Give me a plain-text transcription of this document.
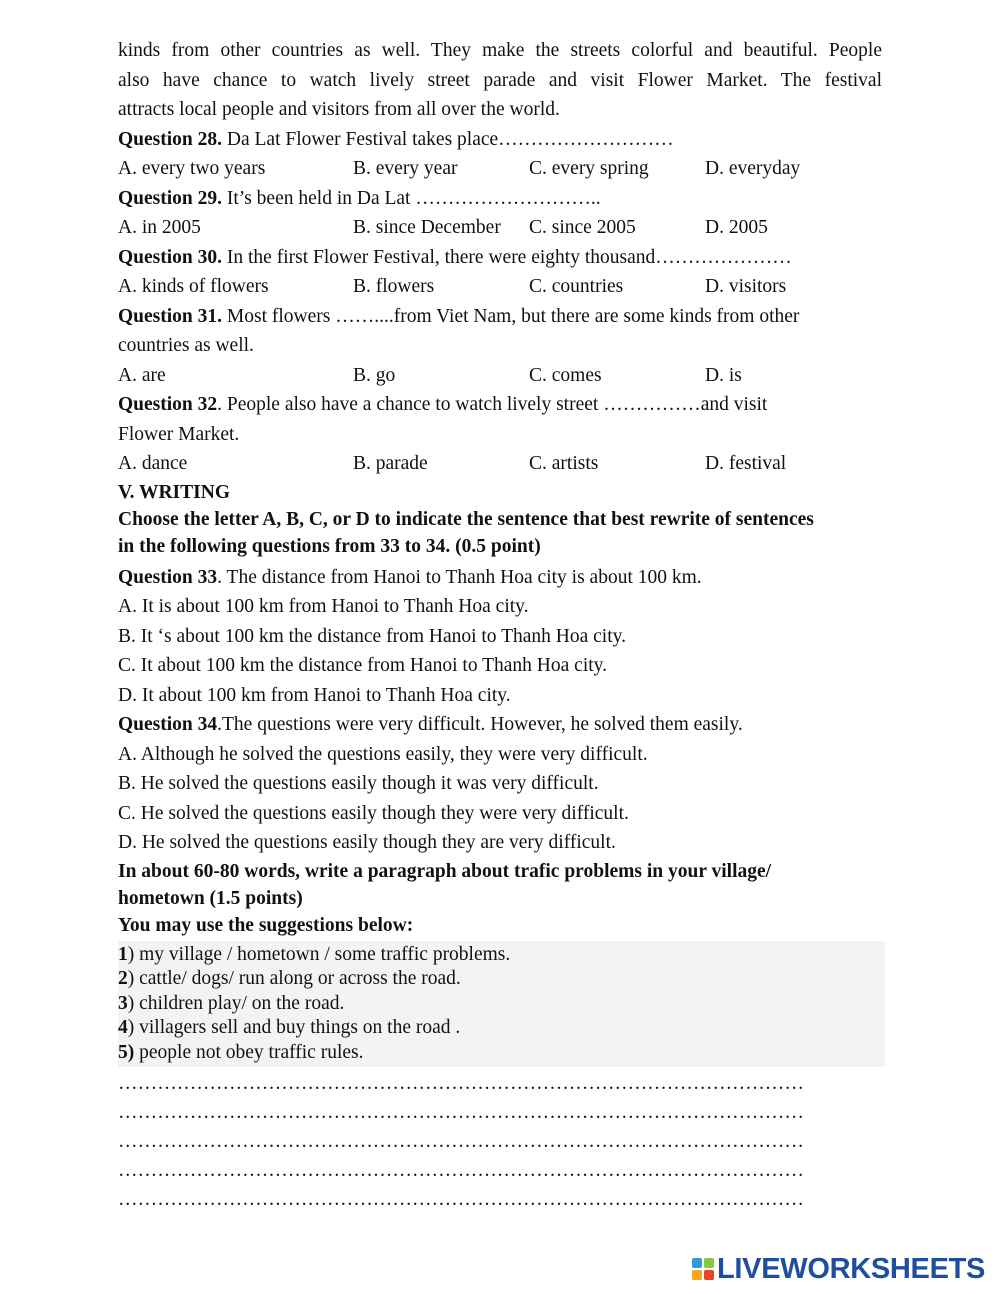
kinds from other countries as well. They make the streets colorful and beautiful. People
also have chance to watch lively street parade and visit Flower Market. The festival
attracts local people and visitors from all over the world.
Question 28. Da Lat Flower Festival takes place………………………
A. every two years	B. every year	C. every spring	D. everyday
Question 29. It’s been held in Da Lat ………………………..
A. in 2005	B. since December	C. since 2005	D. 2005
Question 30. In the first Flower Festival, there were eighty thousand…………………
A. kinds of flowers	B. flowers	C. countries	D. visitors
Question 31. Most flowers ……....from Viet Nam, but there are some kinds from other
countries as well.
A. are	B. go	C. comes	D. is
Question 32. People also have a chance to watch lively street ……………and visit
Flower Market.
A. dance	B. parade	C. artists	D. festival
V. WRITING
Choose the letter A, B, C, or D to indicate the sentence that best rewrite of sentences
in the following questions from 33 to 34. (0.5 point)
Question 33. The distance from Hanoi to Thanh Hoa city is about 100 km.
A. It is about 100 km from Hanoi to Thanh Hoa city.
B. It ‘s about 100 km the distance from Hanoi to Thanh Hoa city.
C. It about 100 km the distance from Hanoi to Thanh Hoa city.
D. It about 100 km from Hanoi to Thanh Hoa city.
Question 34.The questions were very difficult. However, he solved them easily.
A. Although he solved the questions easily, they were very difficult.
B. He solved the questions easily though it was very difficult.
C. He solved the questions easily though they were very difficult.
D. He solved the questions easily though they are very difficult.
In about 60-80 words, write a paragraph about trafic problems in your village/
hometown (1.5 points)
You may use the suggestions below:
1) my village / hometown / some traffic problems.
2) cattle/ dogs/ run along or across the road.
3) children play/ on the road.
4) villagers sell and buy things on the road .
5) people not obey traffic rules.
……………………………………………………………………………………………
……………………………………………………………………………………………
……………………………………………………………………………………………
……………………………………………………………………………………………
……………………………………………………………………………………………
LIVEWORKSHEETS
